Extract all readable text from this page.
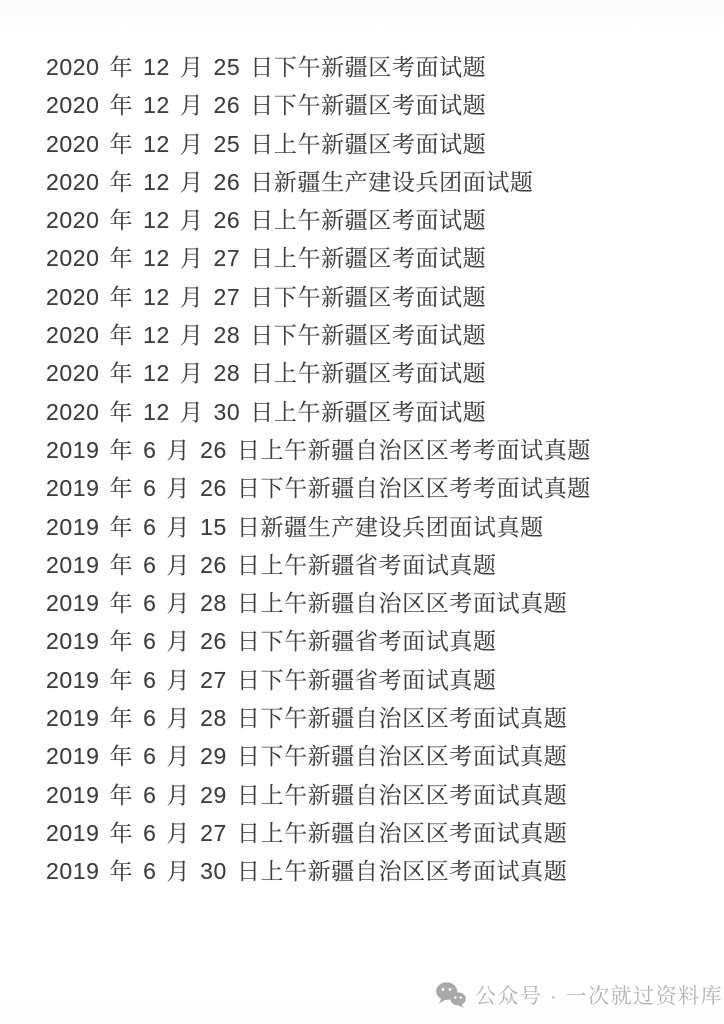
2020 年 12 月 25 日下午新疆区考面试题
2020 年 12 月 26 日下午新疆区考面试题
2020 年 12 月 25 日上午新疆区考面试题
2020 年 12 月 26 日新疆生产建设兵团面试题
2020 年 12 月 26 日上午新疆区考面试题
2020 年 12 月 27 日上午新疆区考面试题
2020 年 12 月 27 日下午新疆区考面试题
2020 年 12 月 28 日下午新疆区考面试题
2020 年 12 月 28 日上午新疆区考面试题
2020 年 12 月 30 日上午新疆区考面试题
2019 年 6 月 26 日上午新疆自治区区考考面试真题
2019 年 6 月 26 日下午新疆自治区区考考面试真题
2019 年 6 月 15 日新疆生产建设兵团面试真题
2019 年 6 月 26 日上午新疆省考面试真题
2019 年 6 月 28 日上午新疆自治区区考面试真题
2019 年 6 月 26 日下午新疆省考面试真题
2019 年 6 月 27 日下午新疆省考面试真题
2019 年 6 月 28 日下午新疆自治区区考面试真题
2019 年 6 月 29 日下午新疆自治区区考面试真题
2019 年 6 月 29 日上午新疆自治区区考面试真题
2019 年 6 月 27 日上午新疆自治区区考面试真题
2019 年 6 月 30 日上午新疆自治区区考面试真题
公众号 · 一次就过资料库
